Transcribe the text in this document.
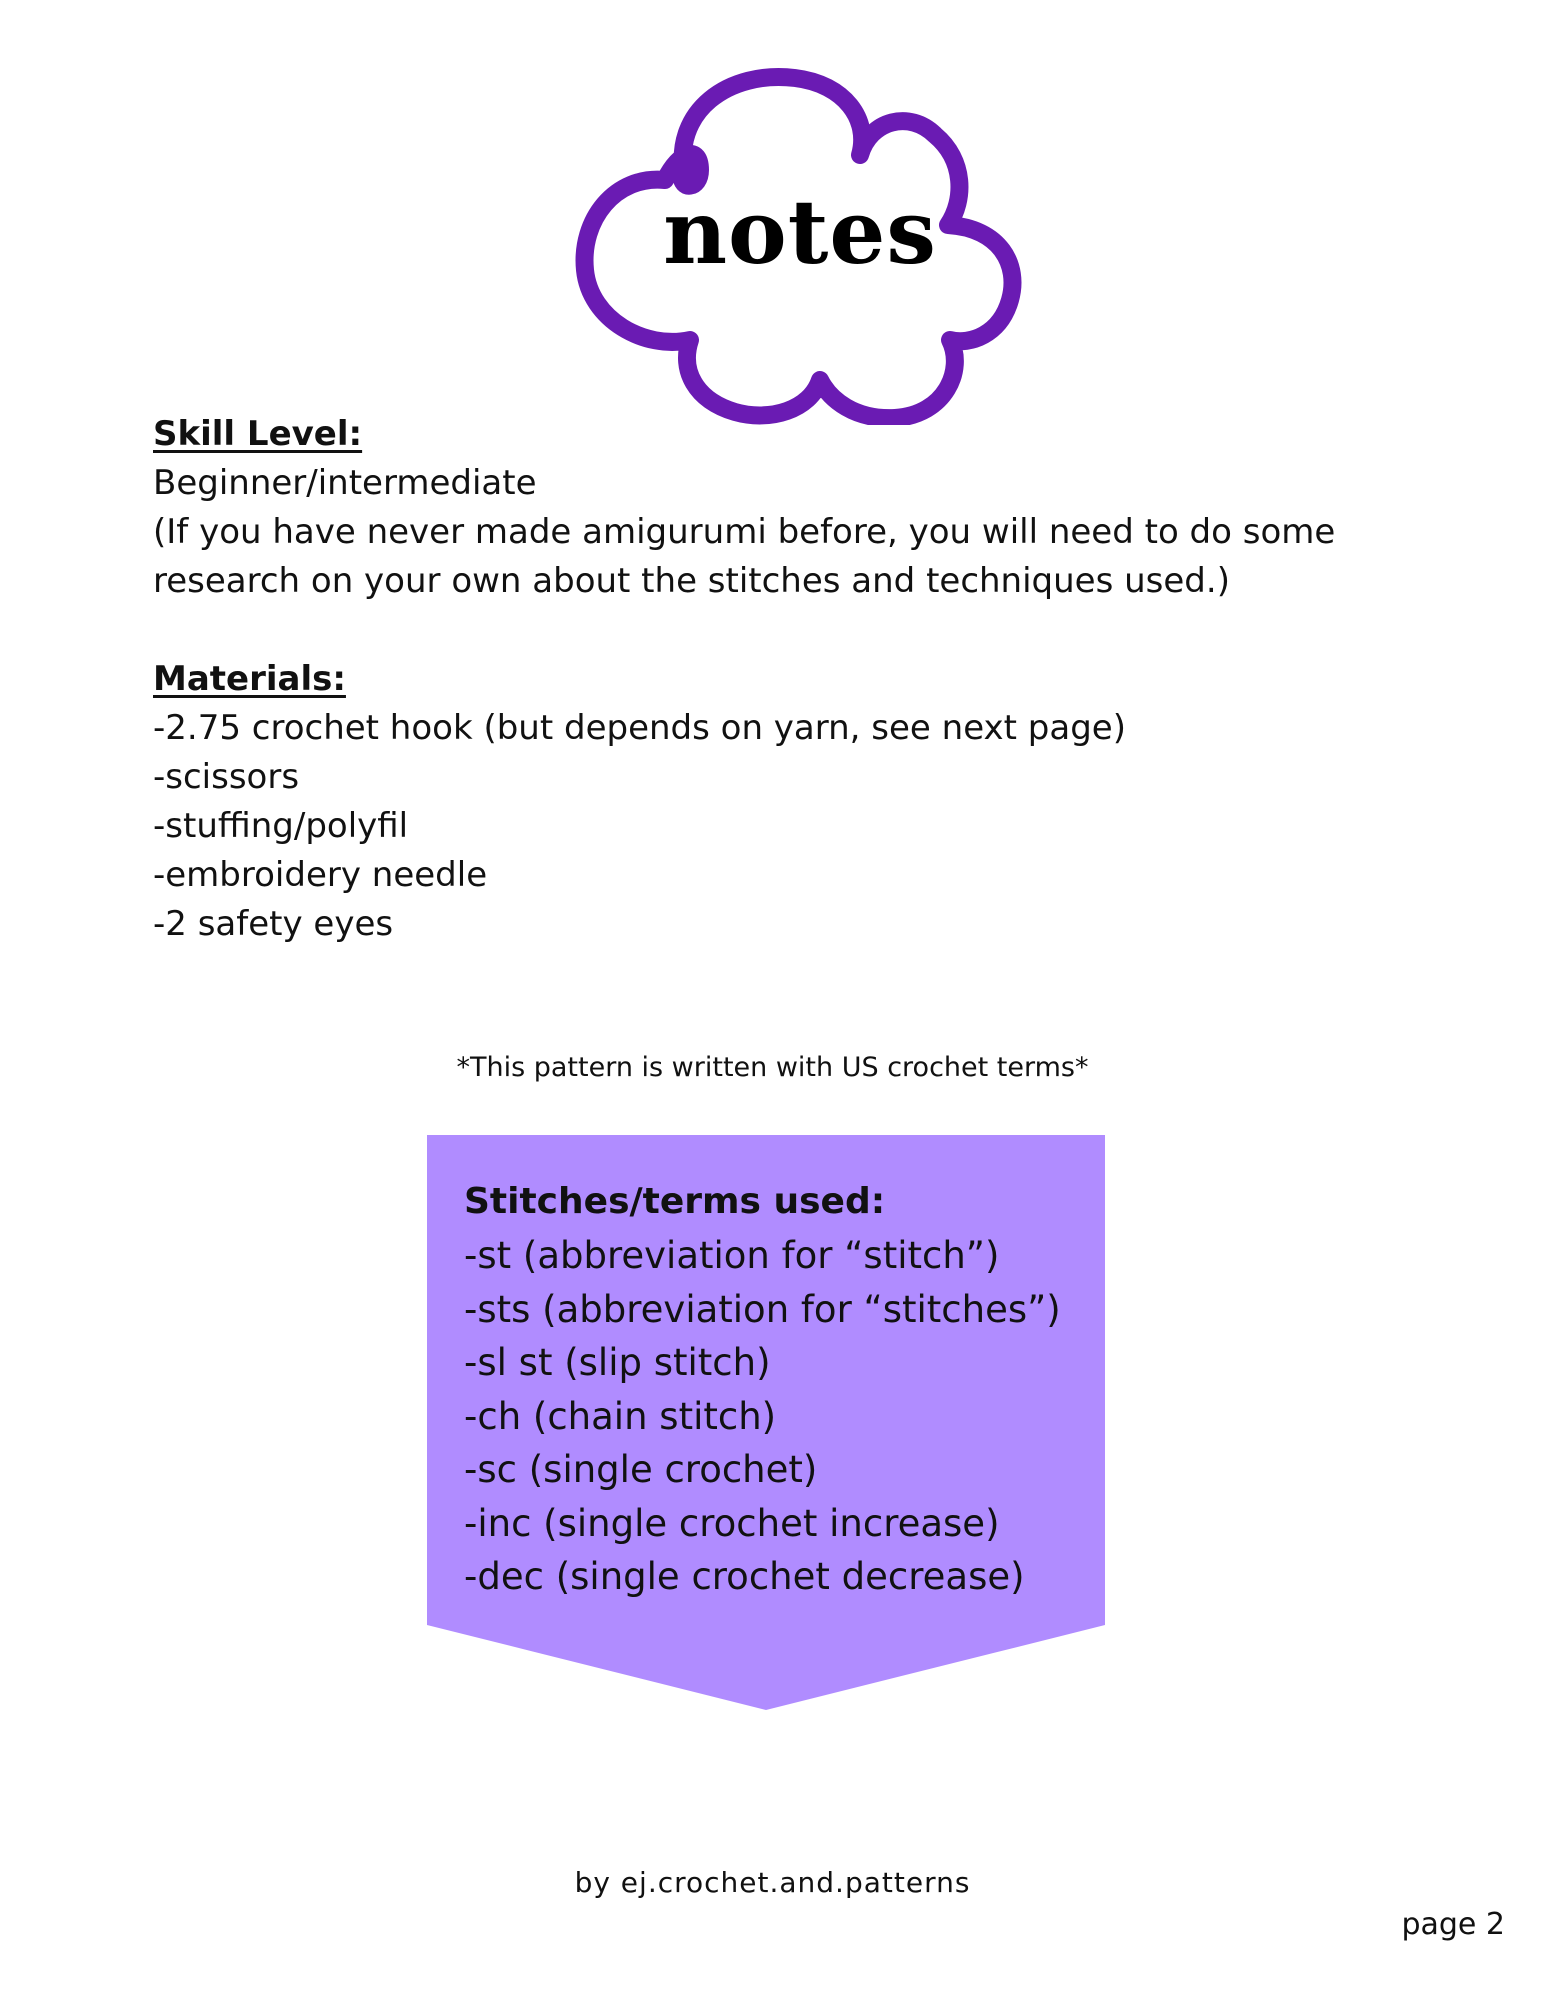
notes
Skill Level:
Beginner/intermediate
(If you have never made amigurumi before, you will need to do some
research on your own about the stitches and techniques used.)
Materials:
-2.75 crochet hook (but depends on yarn, see next page)
-scissors
-stuffing/polyfil
-embroidery needle
-2 safety eyes
*This pattern is written with US crochet terms*
Stitches/terms used:
-st (abbreviation for “stitch”)
-sts (abbreviation for “stitches”)
-sl st (slip stitch)
-ch (chain stitch)
-sc (single crochet)
-inc (single crochet increase)
-dec (single crochet decrease)
by ej.crochet.and.patterns
page 2
